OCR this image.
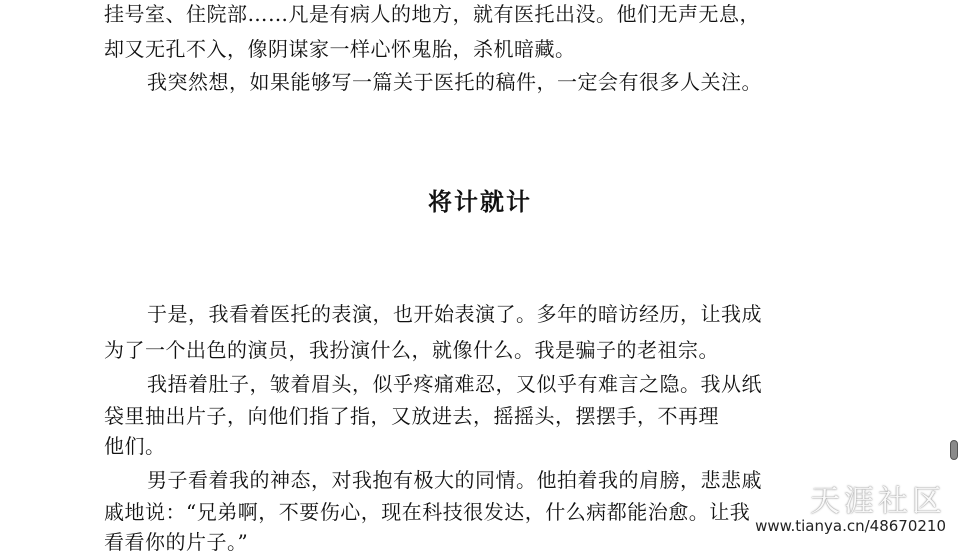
挂号室、住院部……凡是有病人的地方，就有医托出没。他们无声无息，
却又无孔不入，像阴谋家一样心怀鬼胎，杀机暗藏。
我突然想，如果能够写一篇关于医托的稿件，一定会有很多人关注。
将计就计
于是，我看着医托的表演，也开始表演了。多年的暗访经历，让我成
为了一个出色的演员，我扮演什么，就像什么。我是骗子的老祖宗。
我捂着肚子，皱着眉头，似乎疼痛难忍，又似乎有难言之隐。我从纸
袋里抽出片子，向他们指了指，又放进去，摇摇头，摆摆手，不再理
他们。
男子看着我的神态，对我抱有极大的同情。他拍着我的肩膀，悲悲戚
戚地说：“兄弟啊，不要伤心，现在科技很发达，什么病都能治愈。让我
看看你的片子。”
天涯社区
www.tianya.cn/48670210
